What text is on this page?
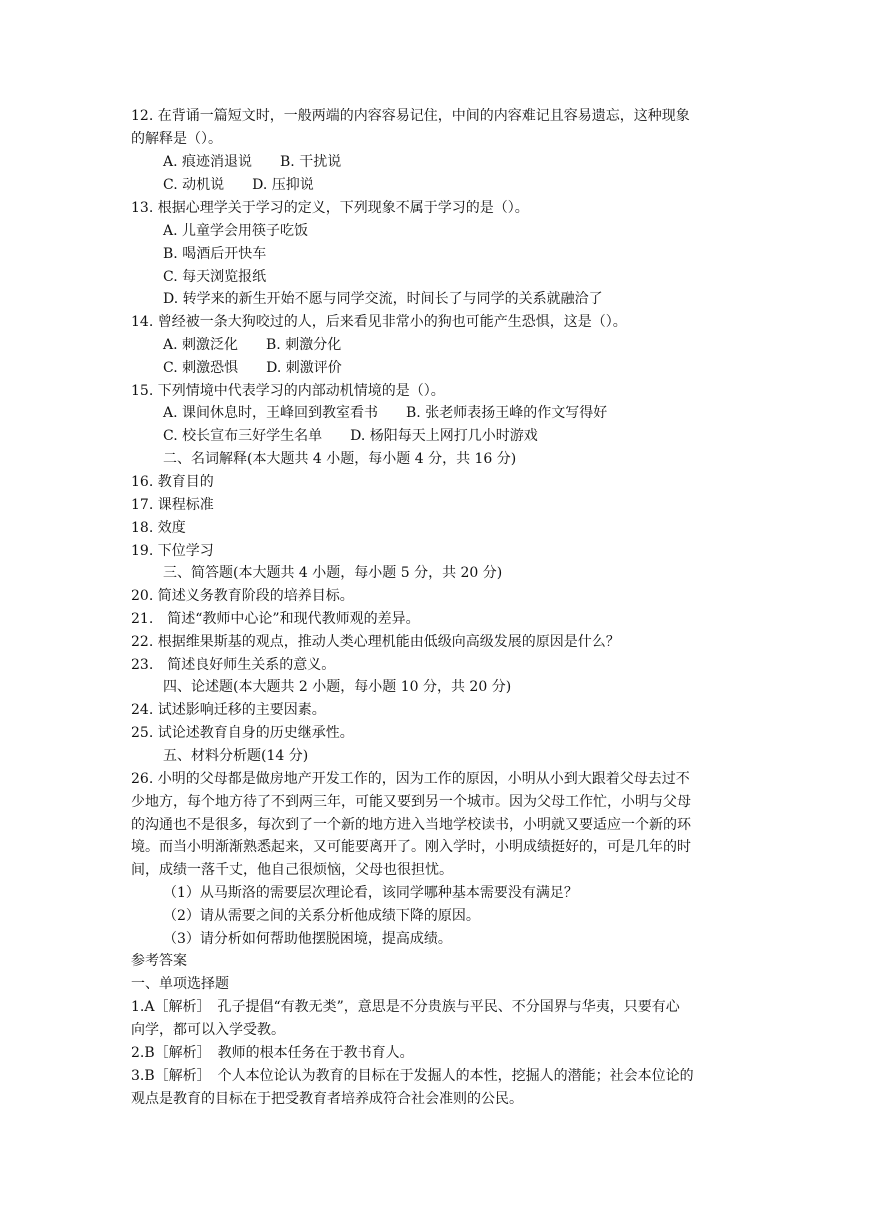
12. 在背诵一篇短文时，一般两端的内容容易记住，中间的内容难记且容易遗忘，这种现象
的解释是（）。
A. 痕迹消退说　　B. 干扰说
C. 动机说　　D. 压抑说
13. 根据心理学关于学习的定义，下列现象不属于学习的是（）。
A. 儿童学会用筷子吃饭
B. 喝酒后开快车
C. 每天浏览报纸
D. 转学来的新生开始不愿与同学交流，时间长了与同学的关系就融洽了
14. 曾经被一条大狗咬过的人，后来看见非常小的狗也可能产生恐惧，这是（）。
A. 刺激泛化　　B. 刺激分化
C. 刺激恐惧　　D. 刺激评价
15. 下列情境中代表学习的内部动机情境的是（）。
A. 课间休息时，王峰回到教室看书　　B. 张老师表扬王峰的作文写得好
C. 校长宣布三好学生名单　　D. 杨阳每天上网打几小时游戏
二、名词解释(本大题共 4 小题，每小题 4 分，共 16 分)
16. 教育目的
17. 课程标准
18. 效度
19. 下位学习
三、简答题(本大题共 4 小题，每小题 5 分，共 20 分)
20. 简述义务教育阶段的培养目标。
21.　简述“教师中心论”和现代教师观的差异。
22. 根据维果斯基的观点，推动人类心理机能由低级向高级发展的原因是什么？
23.　简述良好师生关系的意义。
四、论述题(本大题共 2 小题，每小题 10 分，共 20 分)
24. 试述影响迁移的主要因素。
25. 试论述教育自身的历史继承性。
五、材料分析题(14 分)
26. 小明的父母都是做房地产开发工作的，因为工作的原因，小明从小到大跟着父母去过不
少地方，每个地方待了不到两三年，可能又要到另一个城市。因为父母工作忙，小明与父母
的沟通也不是很多，每次到了一个新的地方进入当地学校读书，小明就又要适应一个新的环
境。而当小明渐渐熟悉起来，又可能要离开了。刚入学时，小明成绩挺好的，可是几年的时
间，成绩一落千丈，他自己很烦恼，父母也很担忧。
（1）从马斯洛的需要层次理论看，该同学哪种基本需要没有满足？
（2）请从需要之间的关系分析他成绩下降的原因。
（3）请分析如何帮助他摆脱困境，提高成绩。
参考答案
一、单项选择题
1.A［解析］　孔子提倡“有教无类”，意思是不分贵族与平民、不分国界与华夷，只要有心
向学，都可以入学受教。
2.B［解析］　教师的根本任务在于教书育人。
3.B［解析］　个人本位论认为教育的目标在于发掘人的本性，挖掘人的潜能；社会本位论的
观点是教育的目标在于把受教育者培养成符合社会准则的公民。
